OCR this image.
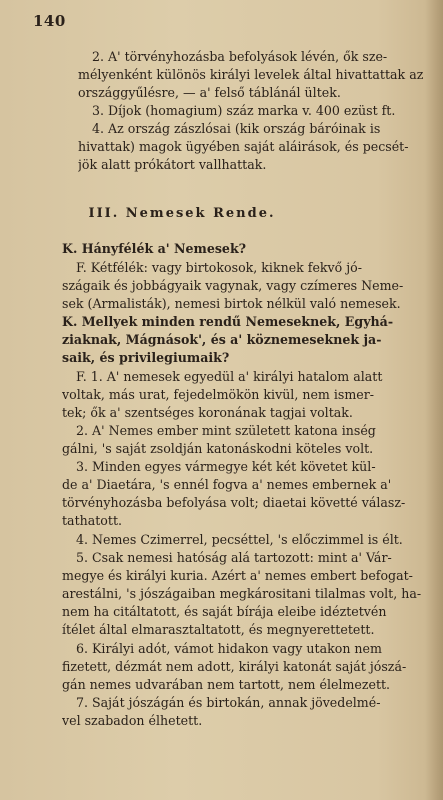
140
2. A' törvényhozásba befolyások lévén, ők sze-
mélyenként különös királyi levelek által hivattattak az
országgyűlésre, — a' felső táblánál ültek.
3. Díjok (homagium) száz marka v. 400 ezüst ft.
4. Az ország zászlósai (kik ország báróinak is
hivattak) magok ügyében saját aláirások, és pecsét-
jök alatt prókátort vallhattak.
III. Nemesek Rende.
K. Hányfélék a' Nemesek?
F. Kétfélék: vagy birtokosok, kiknek fekvő jó-
szágaik és jobbágyaik vagynak, vagy czímeres Neme-
sek (Armalisták), nemesi birtok nélkül való nemesek.
K. Mellyek minden rendű Nemeseknek, Egyhá-
ziaknak, Mágnások', és a' köznemeseknek ja-
saik, és privilegiumaik?
F. 1. A' nemesek egyedül a' királyi hatalom alatt
voltak, más urat, fejedelmökön kivül, nem ismer-
tek; ők a' szentséges koronának tagjai voltak.
2. A' Nemes ember mint született katona inség
gálni, 's saját zsoldján katonáskodni köteles volt.
3. Minden egyes vármegye két két követet kül-
de a' Diaetára, 's ennél fogva a' nemes embernek a'
törvényhozásba befolyása volt; diaetai követté válasz-
tathatott.
4. Nemes Czimerrel, pecséttel, 's előczimmel is élt.
5. Csak nemesi hatóság alá tartozott: mint a' Vár-
megye és királyi kuria. Azért a' nemes embert befogat-
arestálni, 's jószágaiban megkárositani tilalmas volt, ha-
nem ha citáltatott, és saját bírája eleibe idéztetvén
ítélet által elmarasztaltatott, és megnyerettetett.
6. Királyi adót, vámot hidakon vagy utakon nem
fizetett, dézmát nem adott, királyi katonát saját jószá-
gán nemes udvarában nem tartott, nem élelmezett.
7. Saját jószágán és birtokán, annak jövedelmé-
vel szabadon élhetett.
